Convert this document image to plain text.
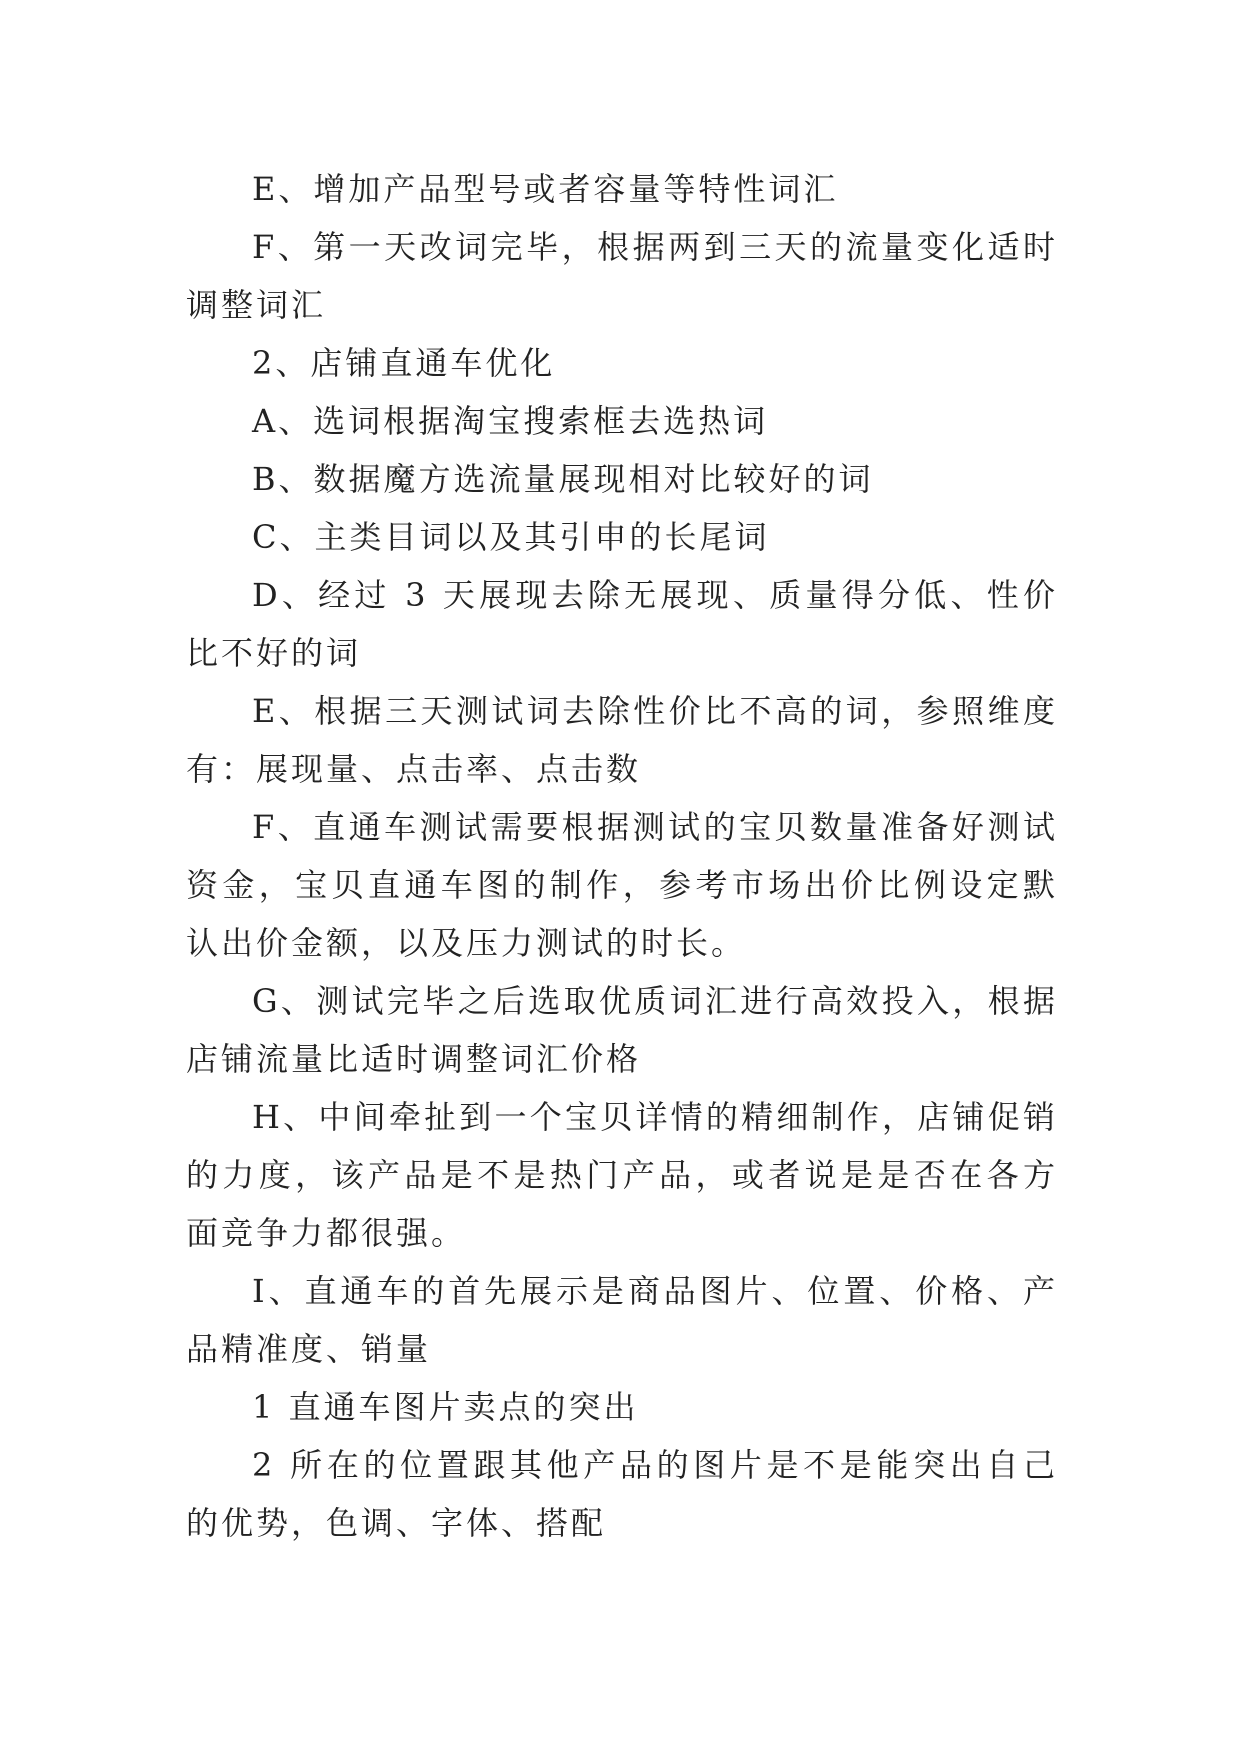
E、增加产品型号或者容量等特性词汇

F、第一天改词完毕，根据两到三天的流量变化适时调整词汇

2、店铺直通车优化

A、选词根据淘宝搜索框去选热词

B、数据魔方选流量展现相对比较好的词

C、主类目词以及其引申的长尾词

D、经过 3 天展现去除无展现、质量得分低、性价比不好的词

E、根据三天测试词去除性价比不高的词，参照维度有：展现量、点击率、点击数

F、直通车测试需要根据测试的宝贝数量准备好测试资金，宝贝直通车图的制作，参考市场出价比例设定默认出价金额，以及压力测试的时长。

G、测试完毕之后选取优质词汇进行高效投入，根据店铺流量比适时调整词汇价格

H、中间牵扯到一个宝贝详情的精细制作，店铺促销的力度，该产品是不是热门产品，或者说是是否在各方面竞争力都很强。

I、直通车的首先展示是商品图片、位置、价格、产品精准度、销量

1 直通车图片卖点的突出

2 所在的位置跟其他产品的图片是不是能突出自己的优势，色调、字体、搭配
